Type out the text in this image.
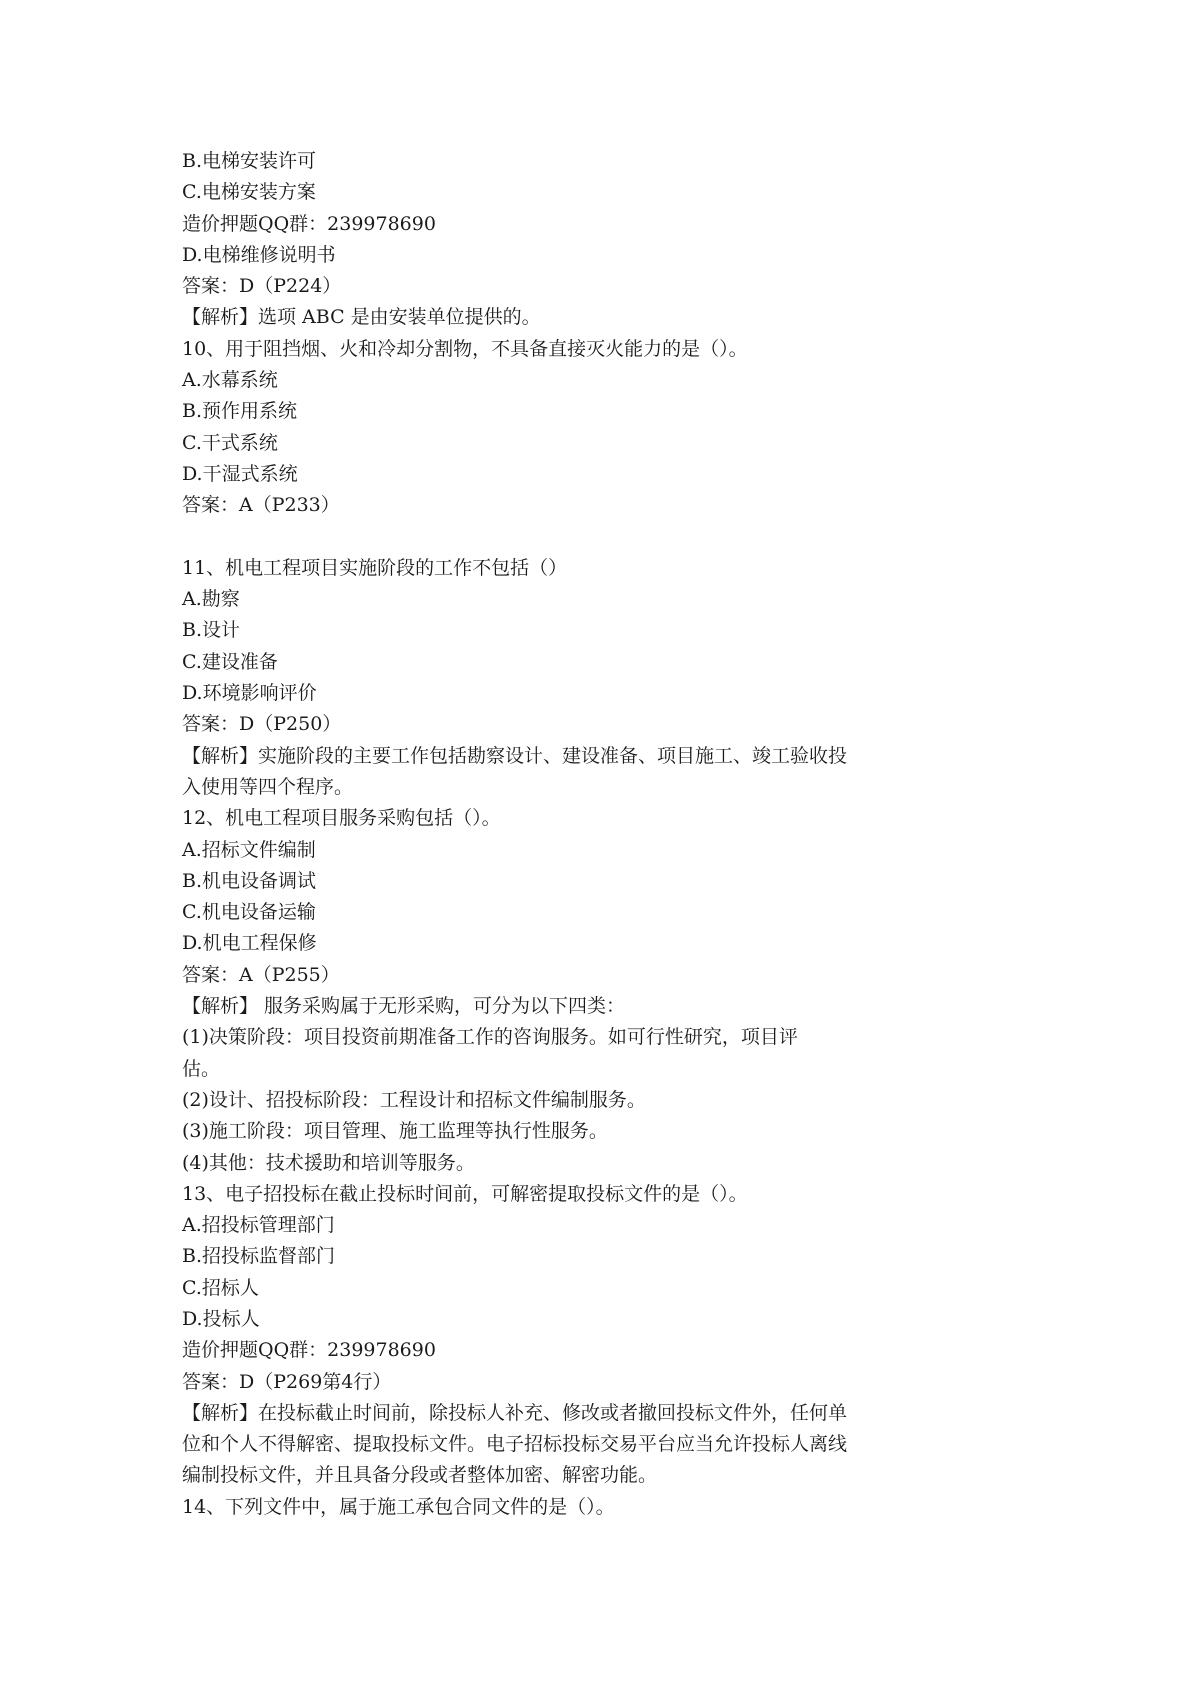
B.电梯安装许可
C.电梯安装方案
造价押题QQ群：239978690
D.电梯维修说明书
答案：D（P224）
【解析】选项 ABC 是由安装单位提供的。
10、用于阻挡烟、火和冷却分割物，不具备直接灭火能力的是（）。
A.水幕系统
B.预作用系统
C.干式系统
D.干湿式系统
答案：A（P233）
11、机电工程项目实施阶段的工作不包括（）
A.勘察
B.设计
C.建设准备
D.环境影响评价
答案：D（P250）
【解析】实施阶段的主要工作包括勘察设计、建设准备、项目施工、竣工验收投
入使用等四个程序。
12、机电工程项目服务采购包括（）。
A.招标文件编制
B.机电设备调试
C.机电设备运输
D.机电工程保修
答案：A（P255）
【解析】 服务采购属于无形采购，可分为以下四类：
(1)决策阶段：项目投资前期准备工作的咨询服务。如可行性研究，项目评
估。
(2)设计、招投标阶段：工程设计和招标文件编制服务。
(3)施工阶段：项目管理、施工监理等执行性服务。
(4)其他：技术援助和培训等服务。
13、电子招投标在截止投标时间前，可解密提取投标文件的是（）。
A.招投标管理部门
B.招投标监督部门
C.招标人
D.投标人
造价押题QQ群：239978690
答案：D（P269第4行）
【解析】在投标截止时间前，除投标人补充、修改或者撤回投标文件外，任何单
位和个人不得解密、提取投标文件。电子招标投标交易平台应当允许投标人离线
编制投标文件，并且具备分段或者整体加密、解密功能。
14、下列文件中，属于施工承包合同文件的是（）。
